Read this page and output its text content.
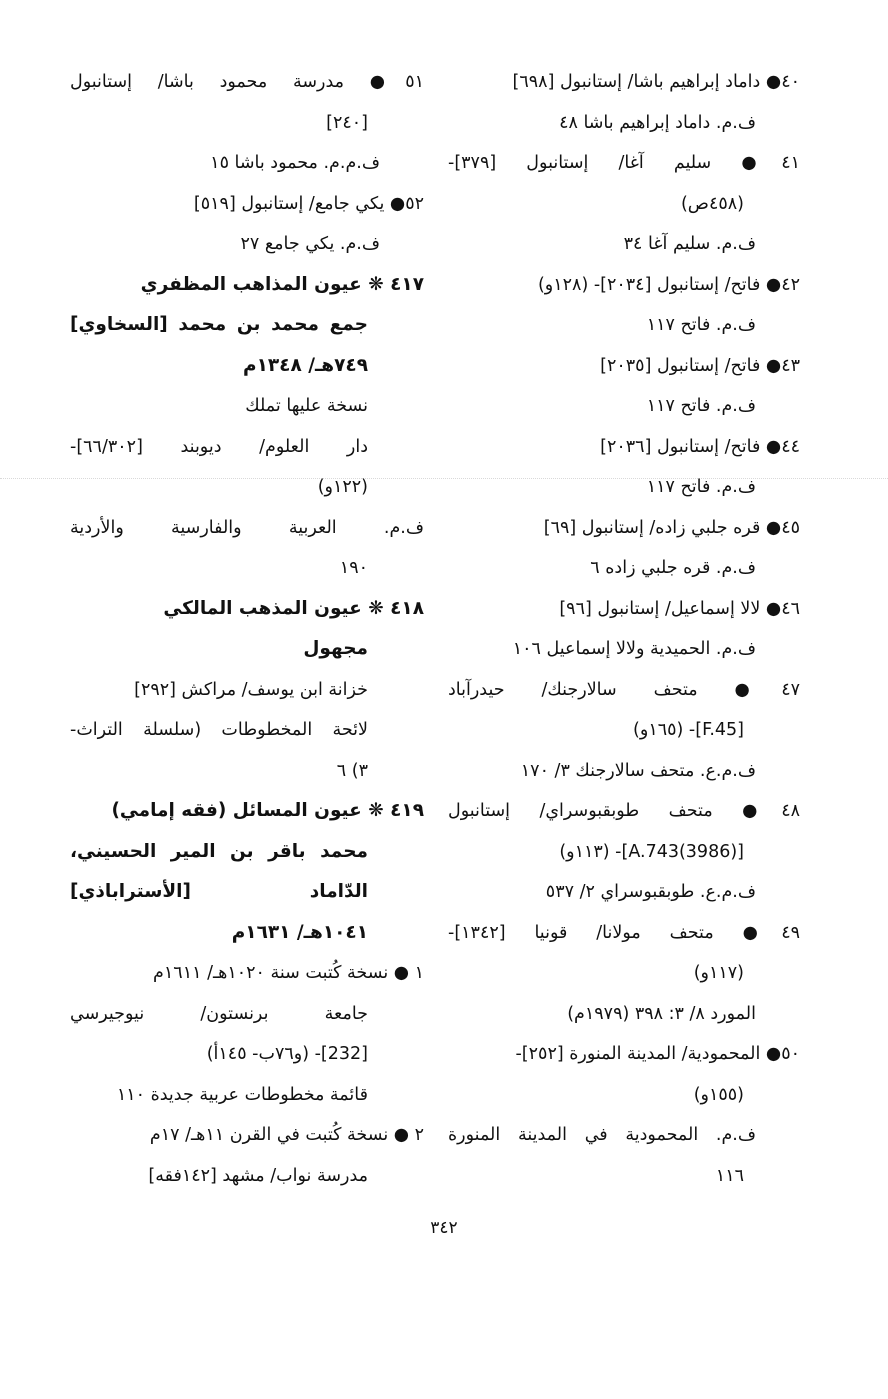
٤٠● داماد إبراهيم باشا/ إستانبول [٦٩٨]
ف.م. داماد إبراهيم باشا ٤٨
٤١● سليم آغا/ إستانبول [٣٧٩]-
(٤٥٨ص)
ف.م. سليم آغا ٣٤
٤٢● فاتح/ إستانبول [٢٠٣٤]- (١٢٨و)
ف.م. فاتح ١١٧
٤٣● فاتح/ إستانبول [٢٠٣٥]
ف.م. فاتح ١١٧
٤٤● فاتح/ إستانبول [٢٠٣٦]
ف.م. فاتح ١١٧
٤٥● قره جلبي زاده/ إستانبول [٦٩]
ف.م. قره جلبي زاده ٦
٤٦● لالا إسماعيل/ إستانبول [٩٦]
ف.م. الحميدية ولالا إسماعيل ١٠٦
٤٧● متحف سالارجنك/ حيدرآباد
[F.45]- (١٦٥و)
ف.م.ع. متحف سالارجنك ٣/ ١٧٠
٤٨● متحف طوبقبوسراي/ إستانبول
[A.743(3986)]- (١١٣و)
ف.م.ع. طوبقبوسراي ٢/ ٥٣٧
٤٩● متحف مولانا/ قونيا [١٣٤٢]-
(١١٧و)
المورد ٨/ ٣: ٣٩٨ (١٩٧٩م)
٥٠● المحمودية/ المدينة المنورة [٢٥٢]-
(١٥٥و)
ف.م. المحمودية في المدينة المنورة
١١٦
٥١● مدرسة محمود باشا/ إستانبول
[٢٤٠]
ف.م.م. محمود باشا ١٥
٥٢● يكي جامع/ إستانبول [٥١٩]
ف.م. يكي جامع ٢٧
٤١٧ ❋ عيون المذاهب المظفري
جمع محمد بن محمد [السخاوي]
٧٤٩هـ/ ١٣٤٨م
نسخة عليها تملك
دار العلوم/ ديوبند [٦٦/٣٠٢]-
(١٢٢و)
ف.م. العربية والفارسية والأردية
١٩٠
٤١٨ ❋ عيون المذهب المالكي
مجهول
خزانة ابن يوسف/ مراكش [٢٩٢]
لائحة المخطوطات (سلسلة التراث-
٣) ٦
٤١٩ ❋ عيون المسائل (فقه إمامي)
محمد باقر بن المير الحسيني،
الدّاماد [الأستراباذي]
١٠٤١هـ/ ١٦٣١م
١ ● نسخة كُتبت سنة ١٠٢٠هـ/ ١٦١١م
جامعة برنستون/ نيوجيرسي
[232]- (و٧٦ب- ١٤٥أ)
قائمة مخطوطات عربية جديدة ١١٠
٢ ● نسخة كُتبت في القرن ١١هـ/ ١٧م
مدرسة نواب/ مشهد [١٤٢فقه]
٣٤٢
